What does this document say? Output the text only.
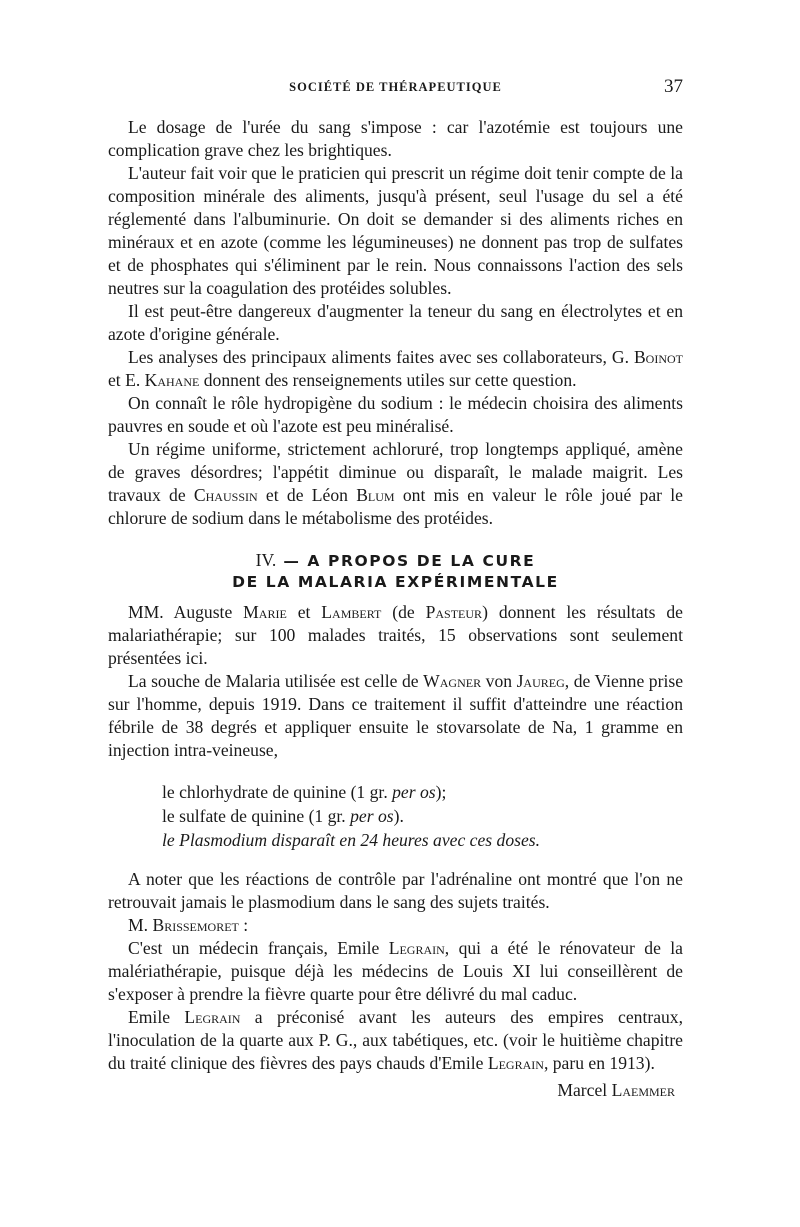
SOCIÉTÉ DE THÉRAPEUTIQUE	37

Le dosage de l'urée du sang s'impose : car l'azotémie est toujours une complication grave chez les brightiques.

L'auteur fait voir que le praticien qui prescrit un régime doit tenir compte de la composition minérale des aliments, jusqu'à présent, seul l'usage du sel a été réglementé dans l'albuminurie. On doit se demander si des aliments riches en minéraux et en azote (comme les légumineuses) ne donnent pas trop de sulfates et de phosphates qui s'éliminent par le rein. Nous connaissons l'action des sels neutres sur la coagulation des protéides solubles.

Il est peut-être dangereux d'augmenter la teneur du sang en électrolytes et en azote d'origine générale.

Les analyses des principaux aliments faites avec ses collaborateurs, G. Boinot et E. Kahane donnent des renseignements utiles sur cette question.

On connaît le rôle hydropigène du sodium : le médecin choisira des aliments pauvres en soude et où l'azote est peu minéralisé.

Un régime uniforme, strictement achloruré, trop longtemps appliqué, amène de graves désordres; l'appétit diminue ou disparaît, le malade maigrit. Les travaux de Chaussin et de Léon Blum ont mis en valeur le rôle joué par le chlorure de sodium dans le métabolisme des protéides.

IV. — A PROPOS DE LA CURE
DE LA MALARIA EXPÉRIMENTALE

MM. Auguste Marie et Lambert (de Pasteur) donnent les résultats de malariathérapie; sur 100 malades traités, 15 observations sont seulement présentées ici.

La souche de Malaria utilisée est celle de Wagner von Jaureg, de Vienne prise sur l'homme, depuis 1919. Dans ce traitement il suffit d'atteindre une réaction fébrile de 38 degrés et appliquer ensuite le stovarsolate de Na, 1 gramme en injection intra-veineuse,

le chlorhydrate de quinine (1 gr. per os);
le sulfate de quinine (1 gr. per os).
le Plasmodium disparaît en 24 heures avec ces doses.

A noter que les réactions de contrôle par l'adrénaline ont montré que l'on ne retrouvait jamais le plasmodium dans le sang des sujets traités.

M. Brissemoret :

C'est un médecin français, Emile Legrain, qui a été le rénovateur de la malériathérapie, puisque déjà les médecins de Louis XI lui conseillèrent de s'exposer à prendre la fièvre quarte pour être délivré du mal caduc.

Emile Legrain a préconisé avant les auteurs des empires centraux, l'inoculation de la quarte aux P. G., aux tabétiques, etc. (voir le huitième chapitre du traité clinique des fièvres des pays chauds d'Emile Legrain, paru en 1913).

Marcel Laemmer
